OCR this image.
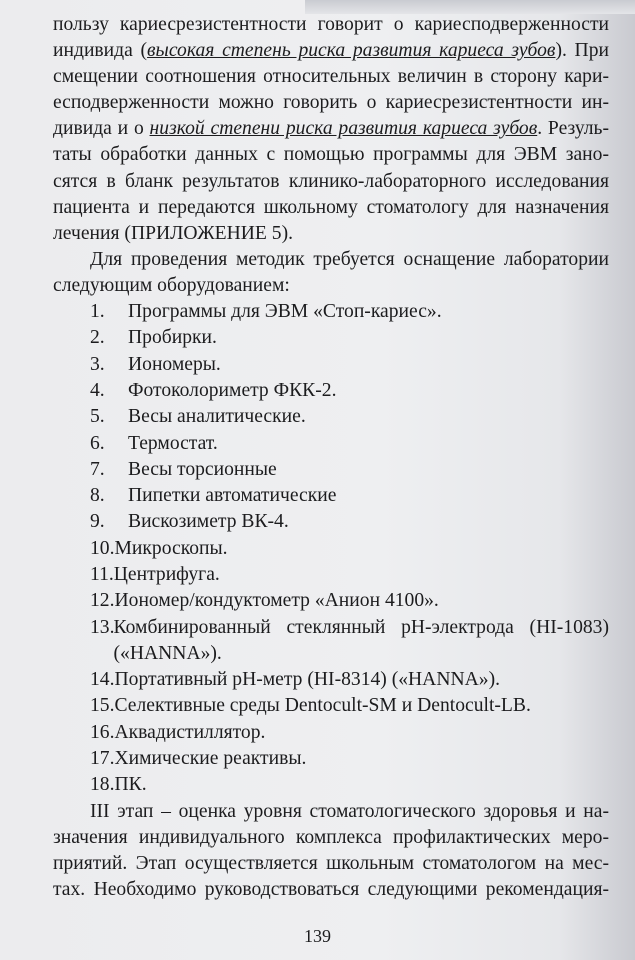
пользу кариесрезистентности говорит о кариесподверженности
индивида (высокая степень риска развития кариеса зубов). При
смещении соотношения относительных величин в сторону кари-
есподверженности можно говорить о кариесрезистентности ин-
дивида и о низкой степени риска развития кариеса зубов. Резуль-
таты обработки данных с помощью программы для ЭВМ зано-
сятся в бланк результатов клинико-лабораторного исследования
пациента и передаются школьному стоматологу для назначения
лечения (ПРИЛОЖЕНИЕ 5).
Для проведения методик требуется оснащение лаборатории
следующим оборудованием:
1.	Программы для ЭВМ «Стоп-кариес».
2.	Пробирки.
3.	Иономеры.
4.	Фотоколориметр ФКК-2.
5.	Весы аналитические.
6.	Термостат.
7.	Весы торсионные
8.	Пипетки автоматические
9.	Вискозиметр ВК-4.
10. Микроскопы.
11. Центрифуга.
12. Иономер/кондуктометр «Анион 4100».
13. Комбинированный стеклянный pH-электрода (HI-1083)
(«HANNA»).
14. Портативный pH-метр (HI-8314) («HANNA»).
15. Селективные среды Dentocult-SM и Dentocult-LB.
16. Аквадистиллятор.
17. Химические реактивы.
18. ПК.
III этап – оценка уровня стоматологического здоровья и на-
значения индивидуального комплекса профилактических меро-
приятий. Этап осуществляется школьным стоматологом на мес-
тах. Необходимо руководствоваться следующими рекомендация-
139
